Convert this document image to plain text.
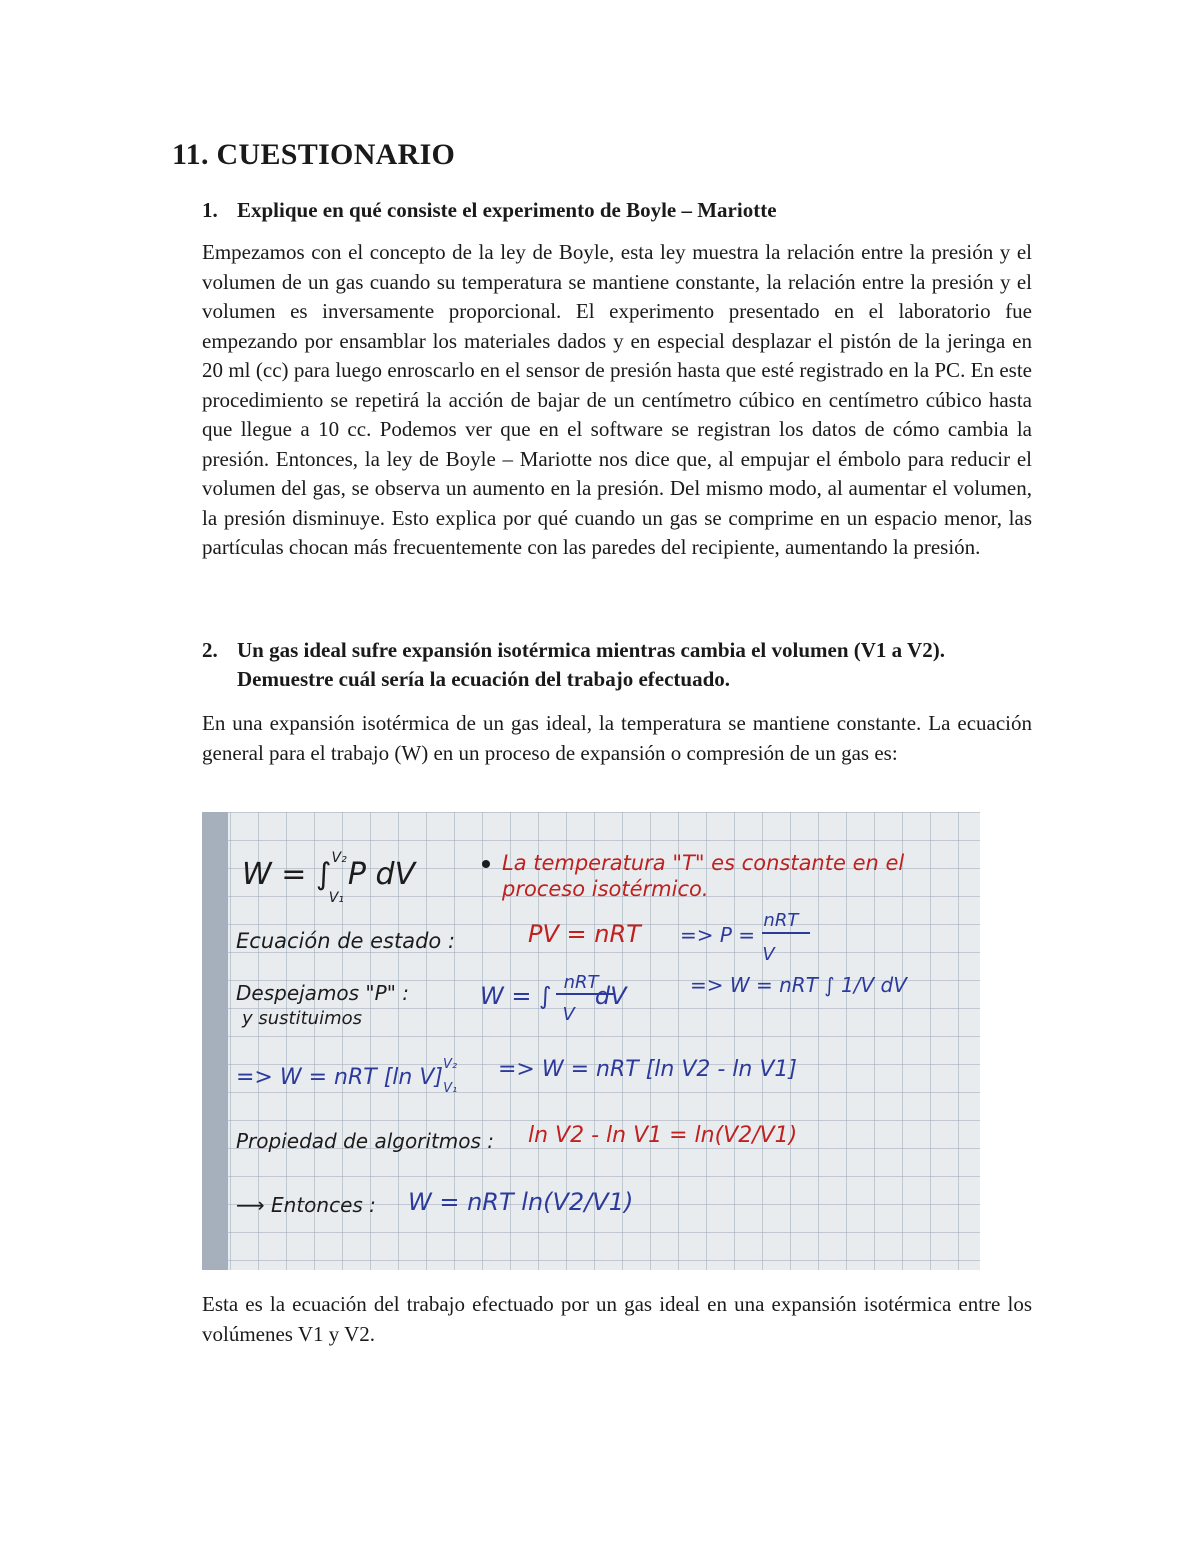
11. CUESTIONARIO
1. Explique en qué consiste el experimento de Boyle – Mariotte
Empezamos con el concepto de la ley de Boyle, esta ley muestra la relación entre la presión y el volumen de un gas cuando su temperatura se mantiene constante, la relación entre la presión y el volumen es inversamente proporcional. El experimento presentado en el laboratorio fue empezando por ensamblar los materiales dados y en especial desplazar el pistón de la jeringa en 20 ml (cc) para luego enroscarlo en el sensor de presión hasta que esté registrado en la PC. En este procedimiento se repetirá la acción de bajar de un centímetro cúbico en centímetro cúbico hasta que llegue a 10 cc. Podemos ver que en el software se registran los datos de cómo cambia la presión. Entonces, la ley de Boyle – Mariotte nos dice que, al empujar el émbolo para reducir el volumen del gas, se observa un aumento en la presión. Del mismo modo, al aumentar el volumen, la presión disminuye. Esto explica por qué cuando un gas se comprime en un espacio menor, las partículas chocan más frecuentemente con las paredes del recipiente, aumentando la presión.
2. Un gas ideal sufre expansión isotérmica mientras cambia el volumen (V1 a V2). Demuestre cuál sería la ecuación del trabajo efectuado.
En una expansión isotérmica de un gas ideal, la temperatura se mantiene constante. La ecuación general para el trabajo (W) en un proceso de expansión o compresión de un gas es:
W = ∫$^{V_2}$ V₁P dV	La temperatura "T" es constante en el proceso isotérmico.
Ecuación de estado :	PV = nRT => P = nRT V
Despejamos "P" :
y sustituimos
W = ∫ $^{nRT}$ VdV	=> W = nRT ∫ 1/V dV
=> W = nRT [ln V]$^{V_2}$ V₁
=> W = nRT [ln V2 - ln V1]
Propiedad de algoritmos : ln V2 - ln V1 = ln(V2/V1)
⟶ Entonces : W = nRT ln(V2/V1)
Esta es la ecuación del trabajo efectuado por un gas ideal en una expansión isotérmica entre los volúmenes V1 y V2.
